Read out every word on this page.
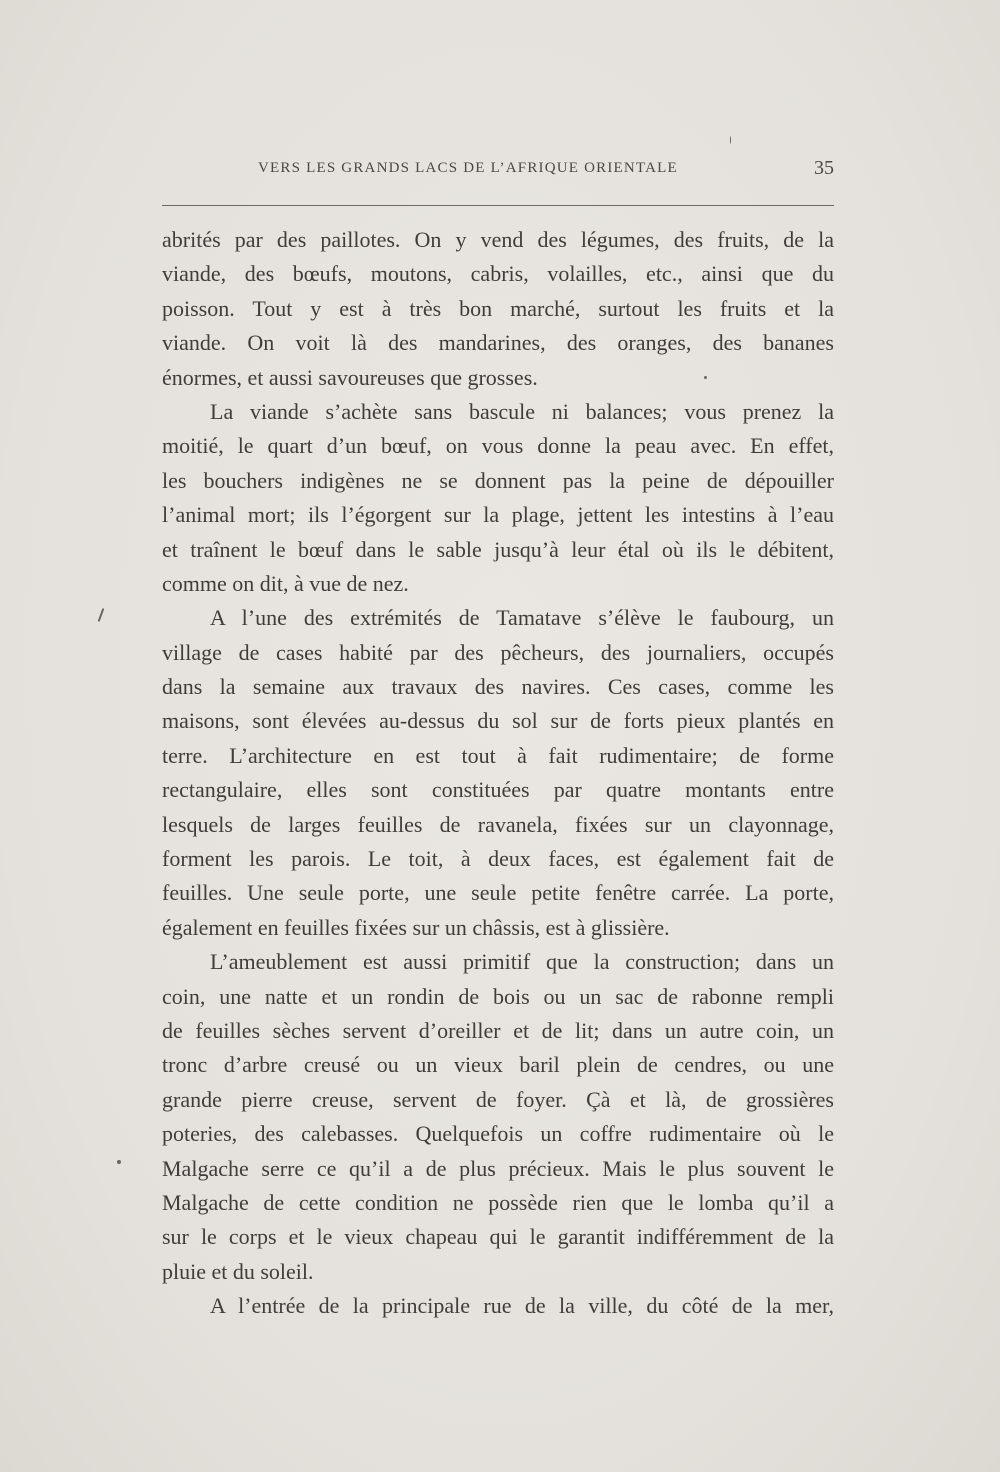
VERS LES GRANDS LACS DE L’AFRIQUE ORIENTALE	35
abrités par des paillotes. On y vend des légumes, des fruits, de la
viande, des bœufs, moutons, cabris, volailles, etc., ainsi que du
poisson. Tout y est à très bon marché, surtout les fruits et la
viande. On voit là des mandarines, des oranges, des bananes
énormes, et aussi savoureuses que grosses.
La viande s’achète sans bascule ni balances; vous prenez la
moitié, le quart d’un bœuf, on vous donne la peau avec. En effet,
les bouchers indigènes ne se donnent pas la peine de dépouiller
l’animal mort; ils l’égorgent sur la plage, jettent les intestins à l’eau
et traînent le bœuf dans le sable jusqu’à leur étal où ils le débitent,
comme on dit, à vue de nez.
A l’une des extrémités de Tamatave s’élève le faubourg, un
village de cases habité par des pêcheurs, des journaliers, occupés
dans la semaine aux travaux des navires. Ces cases, comme les
maisons, sont élevées au-dessus du sol sur de forts pieux plantés en
terre. L’architecture en est tout à fait rudimentaire; de forme
rectangulaire, elles sont constituées par quatre montants entre
lesquels de larges feuilles de ravanela, fixées sur un clayonnage,
forment les parois. Le toit, à deux faces, est également fait de
feuilles. Une seule porte, une seule petite fenêtre carrée. La porte,
également en feuilles fixées sur un châssis, est à glissière.
L’ameublement est aussi primitif que la construction; dans un
coin, une natte et un rondin de bois ou un sac de rabonne rempli
de feuilles sèches servent d’oreiller et de lit; dans un autre coin, un
tronc d’arbre creusé ou un vieux baril plein de cendres, ou une
grande pierre creuse, servent de foyer. Çà et là, de grossières
poteries, des calebasses. Quelquefois un coffre rudimentaire où le
Malgache serre ce qu’il a de plus précieux. Mais le plus souvent le
Malgache de cette condition ne possède rien que le lomba qu’il a
sur le corps et le vieux chapeau qui le garantit indifféremment de la
pluie et du soleil.
A l’entrée de la principale rue de la ville, du côté de la mer,
